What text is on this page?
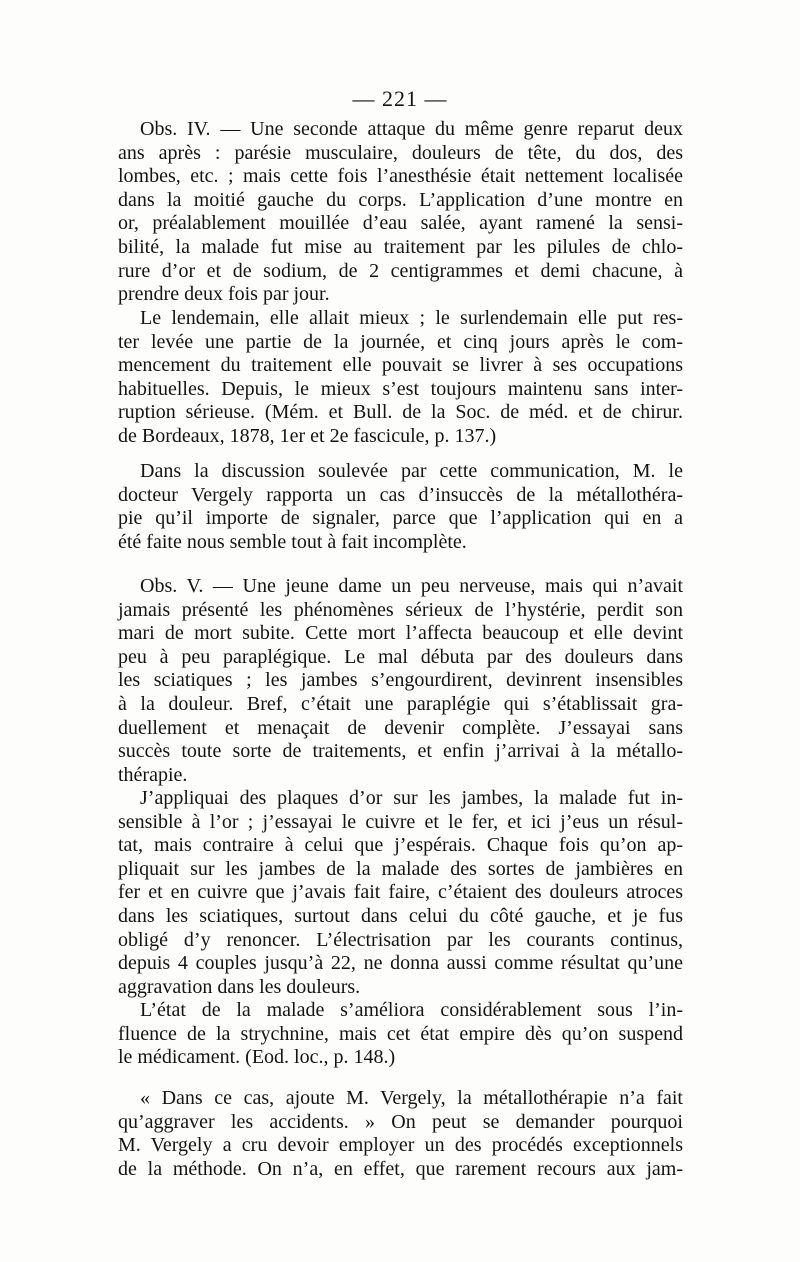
— 221 —
Obs. IV. — Une seconde attaque du même genre reparut deux
ans après : parésie musculaire, douleurs de tête, du dos, des
lombes, etc. ; mais cette fois l’anesthésie était nettement localisée
dans la moitié gauche du corps. L’application d’une montre en
or, préalablement mouillée d’eau salée, ayant ramené la sensi-
bilité, la malade fut mise au traitement par les pilules de chlo-
rure d’or et de sodium, de 2 centigrammes et demi chacune, à
prendre deux fois par jour.
Le lendemain, elle allait mieux ; le surlendemain elle put res-
ter levée une partie de la journée, et cinq jours après le com-
mencement du traitement elle pouvait se livrer à ses occupations
habituelles. Depuis, le mieux s’est toujours maintenu sans inter-
ruption sérieuse. (Mém. et Bull. de la Soc. de méd. et de chirur.
de Bordeaux, 1878, 1er et 2e fascicule, p. 137.)
Dans la discussion soulevée par cette communication, M. le
docteur Vergely rapporta un cas d’insuccès de la métallothéra-
pie qu’il importe de signaler, parce que l’application qui en a
été faite nous semble tout à fait incomplète.
Obs. V. — Une jeune dame un peu nerveuse, mais qui n’avait
jamais présenté les phénomènes sérieux de l’hystérie, perdit son
mari de mort subite. Cette mort l’affecta beaucoup et elle devint
peu à peu paraplégique. Le mal débuta par des douleurs dans
les sciatiques ; les jambes s’engourdirent, devinrent insensibles
à la douleur. Bref, c’était une paraplégie qui s’établissait gra-
duellement et menaçait de devenir complète. J’essayai sans
succès toute sorte de traitements, et enfin j’arrivai à la métallo-
thérapie.
J’appliquai des plaques d’or sur les jambes, la malade fut in-
sensible à l’or ; j’essayai le cuivre et le fer, et ici j’eus un résul-
tat, mais contraire à celui que j’espérais. Chaque fois qu’on ap-
pliquait sur les jambes de la malade des sortes de jambières en
fer et en cuivre que j’avais fait faire, c’étaient des douleurs atroces
dans les sciatiques, surtout dans celui du côté gauche, et je fus
obligé d’y renoncer. L’électrisation par les courants continus,
depuis 4 couples jusqu’à 22, ne donna aussi comme résultat qu’une
aggravation dans les douleurs.
L’état de la malade s’améliora considérablement sous l’in-
fluence de la strychnine, mais cet état empire dès qu’on suspend
le médicament. (Eod. loc., p. 148.)
« Dans ce cas, ajoute M. Vergely, la métallothérapie n’a fait
qu’aggraver les accidents. » On peut se demander pourquoi
M. Vergely a cru devoir employer un des procédés exceptionnels
de la méthode. On n’a, en effet, que rarement recours aux jam-
